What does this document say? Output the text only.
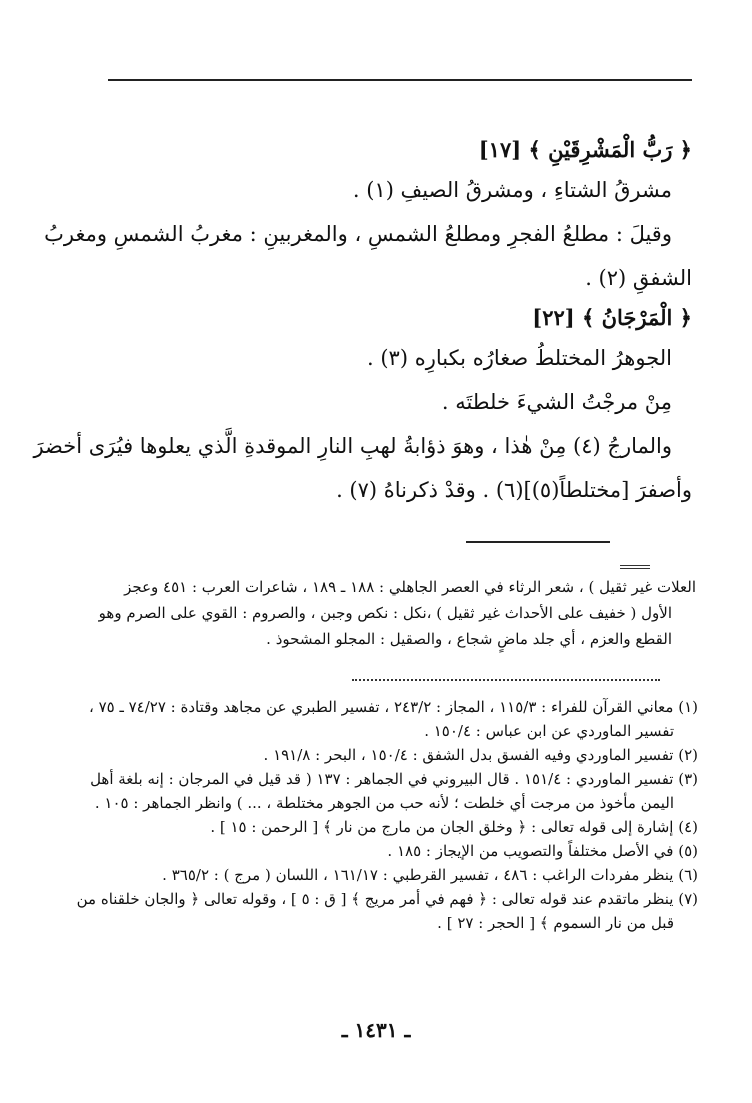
﴿ رَبُّ الْمَشْرِقَيْنِ ﴾ [١٧]

مشرقُ الشتاءِ ، ومشرقُ الصيفِ (١) .

وقيلَ : مطلعُ الفجرِ ومطلعُ الشمسِ ، والمغربينِ : مغربُ الشمسِ ومغربُ

الشفقِ (٢) .

﴿ الْمَرْجَانُ ﴾ [٢٢]

الجوهرُ المختلطُ صغارُه بكبارِه (٣) .

مِنْ مرجْتُ الشيءَ خلطتَه .

والمارجُ (٤) مِنْ هٰذا ، وهوَ ذؤابةُ لهبِ النارِ الموقدةِ الَّذي يعلوها فيُرَى أخضرَ

وأصفرَ [مختلطاً(٥)](٦) . وقدْ ذكرناهُ (٧) .

العلات غير ثقيل ) ، شعر الرثاء في العصر الجاهلي : ١٨٨ ـ ١٨٩ ، شاعرات العرب : ٤٥١ وعجز

الأول ( خفيف على الأحداث غير ثقيل ) ،نكل : نكص وجبن ، والصروم : القوي على الصرم وهو

القطع والعزم ، أي جلد ماضٍ شجاع ، والصقيل : المجلو المشحوذ .

(١) معاني القرآن للفراء : ١١٥/٣ ، المجاز : ٢٤٣/٢ ، تفسير الطبري عن مجاهد وقتادة : ٧٤/٢٧ ـ ٧٥ ،

تفسير الماوردي عن ابن عباس : ١٥٠/٤ .

(٢) تفسير الماوردي وفيه الفسق بدل الشفق : ١٥٠/٤ ، البحر : ١٩١/٨ .

(٣) تفسير الماوردي : ١٥١/٤ . قال البيروني في الجماهر : ١٣٧ ( قد قيل في المرجان : إنه بلغة أهل

اليمن مأخوذ من مرجت أي خلطت ؛ لأنه حب من الجوهر مختلطة ، ... ) وانظر الجماهر : ١٠٥ .

(٤) إشارة إلى قوله تعالى : ﴿ وخلق الجان من مارج من نار ﴾ [ الرحمن : ١٥ ] .

(٥) في الأصل مختلفاً والتصويب من الإيجاز : ١٨٥ .

(٦) ينظر مفردات الراغب : ٤٨٦ ، تفسير القرطبي : ١٦١/١٧ ، اللسان ( مرج ) : ٣٦٥/٢ .

(٧) ينظر ماتقدم عند قوله تعالى : ﴿ فهم في أمر مريج ﴾ [ ق : ٥ ] ، وقوله تعالى ﴿ والجان خلقناه من

قبل من نار السموم ﴾ [ الحجر : ٢٧ ] .

ـ ١٤٣١ ـ
